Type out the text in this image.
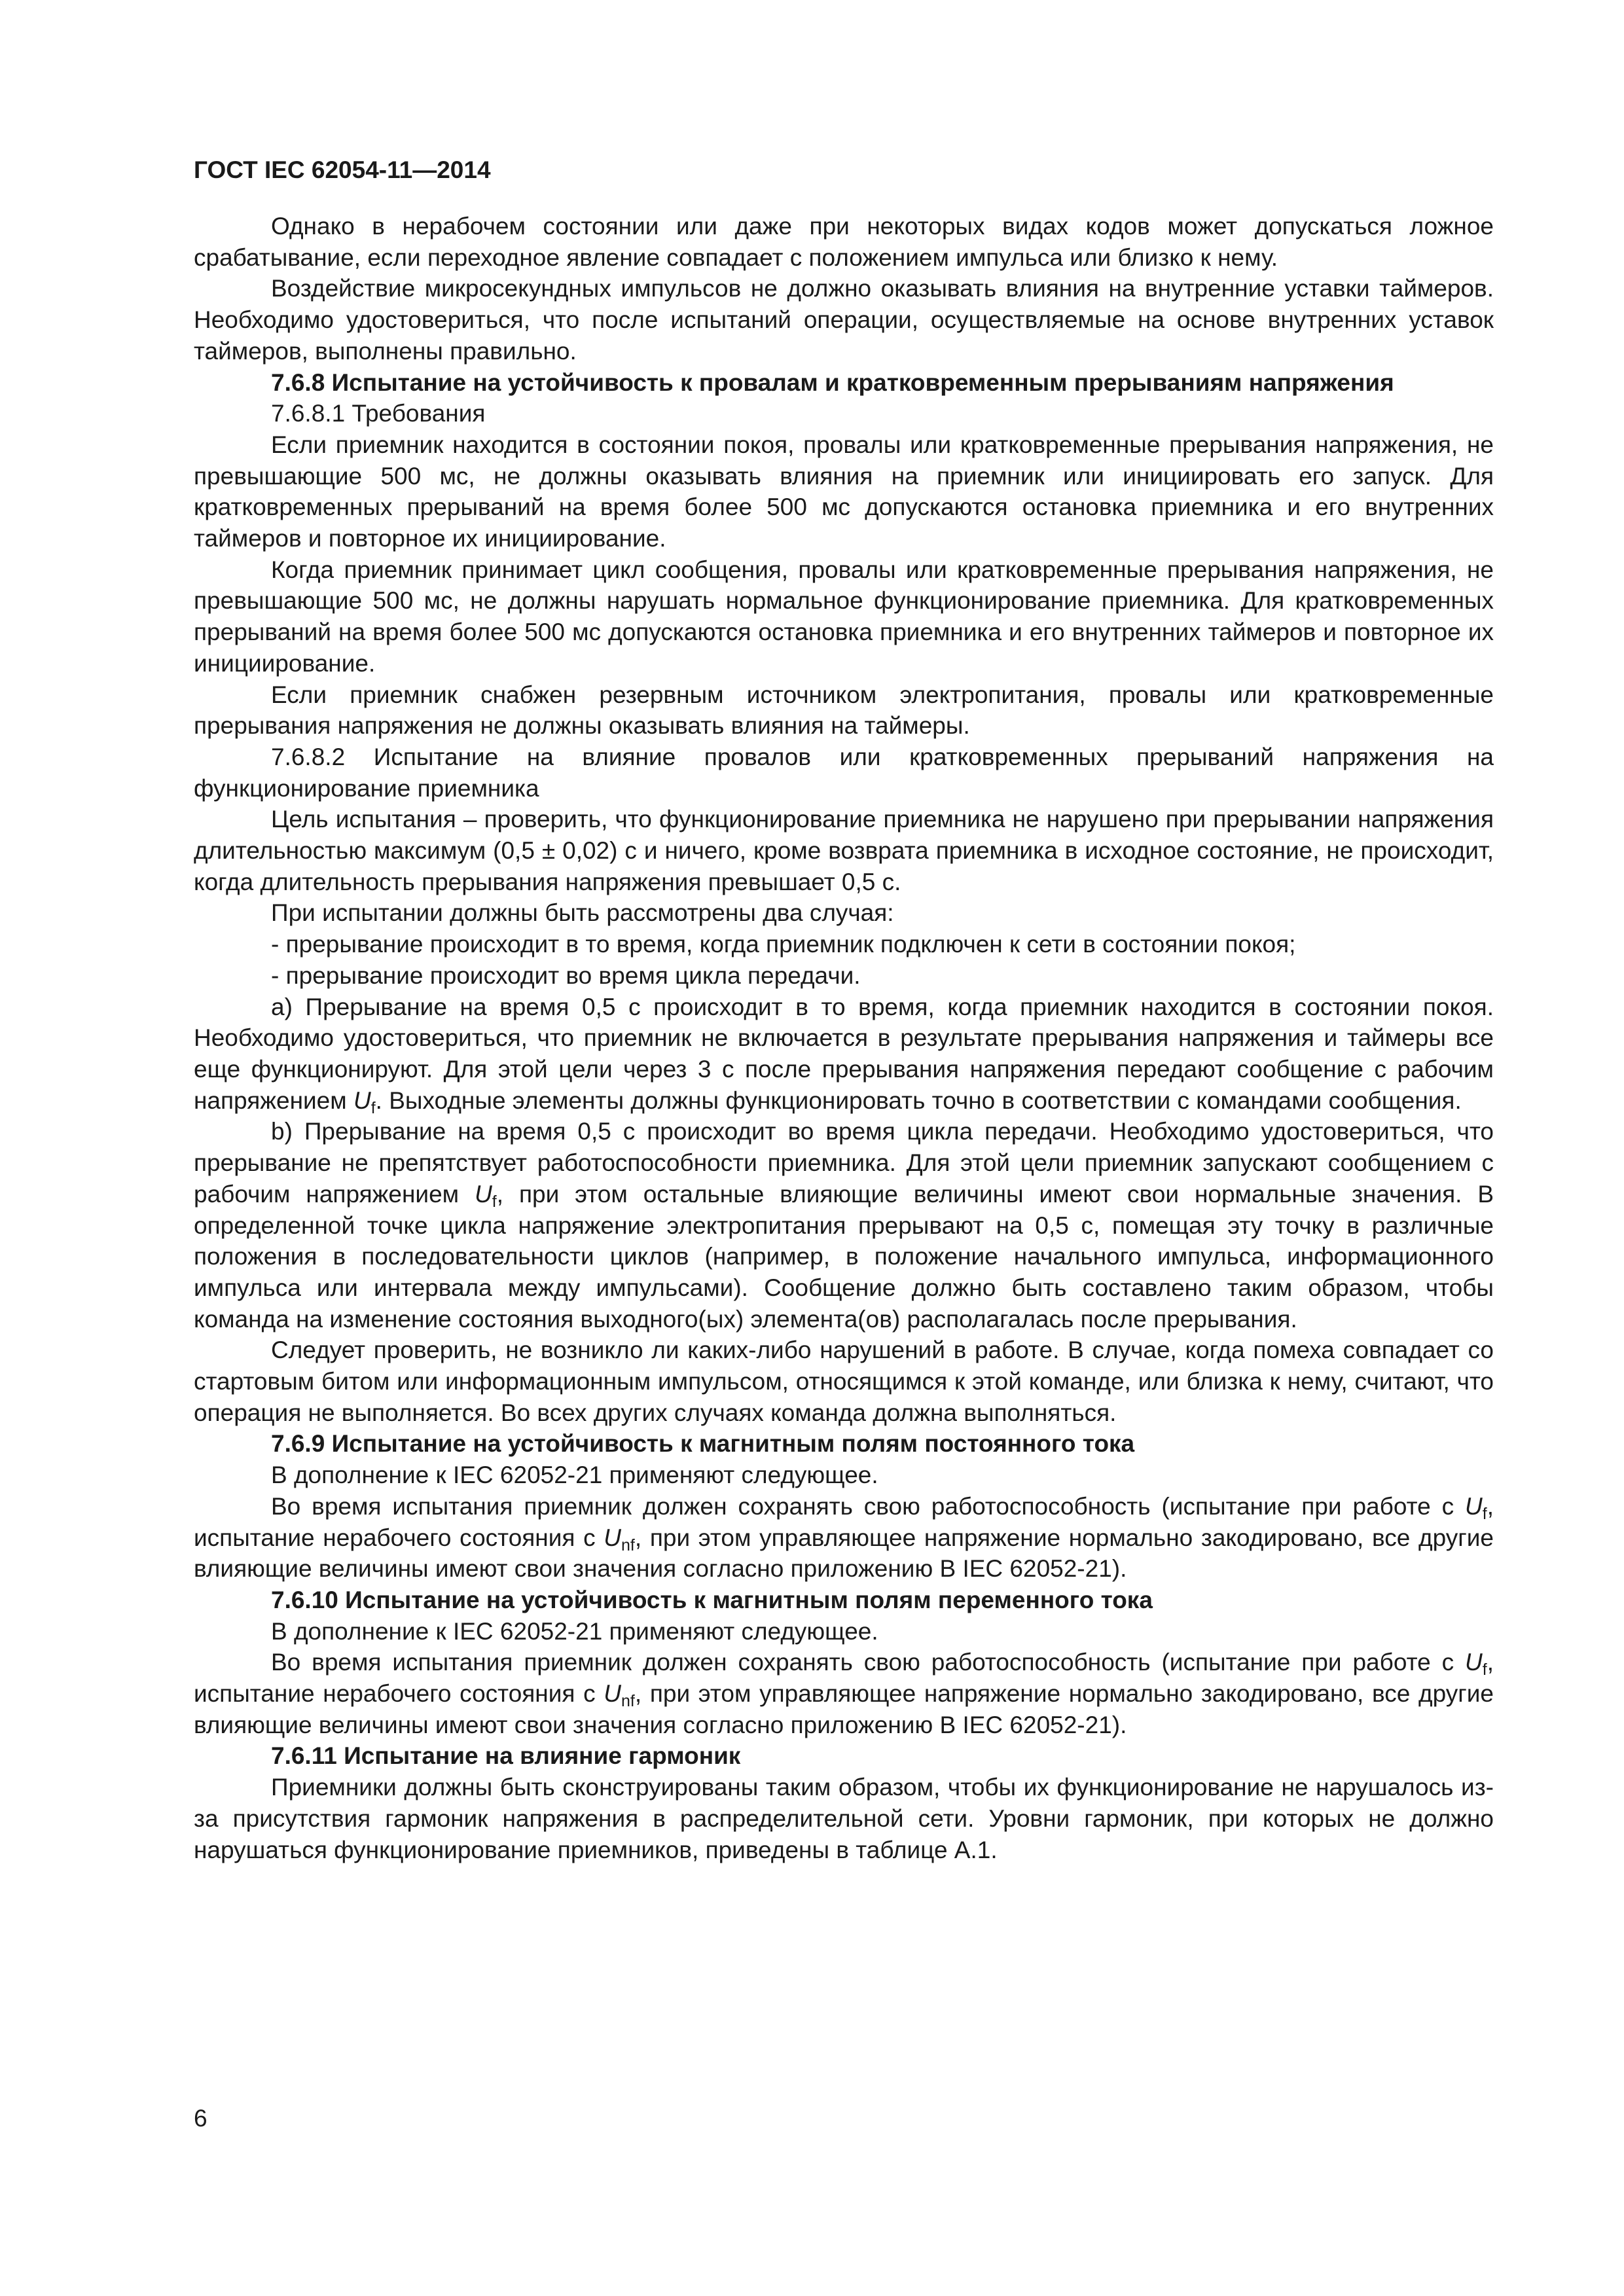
ГОСТ IEC 62054-11—2014

Однако в нерабочем состоянии или даже при некоторых видах кодов может допускаться ложное срабатывание, если переходное явление совпадает с положением импульса или близко к нему.

Воздействие микросекундных импульсов не должно оказывать влияния на внутренние уставки таймеров. Необходимо удостовериться, что после испытаний операции, осуществляемые на основе внутренних уставок таймеров, выполнены правильно.

7.6.8 Испытание на устойчивость к провалам и кратковременным прерываниям напряжения

7.6.8.1 Требования

Если приемник находится в состоянии покоя, провалы или кратковременные прерывания напряжения, не превышающие 500 мс, не должны оказывать влияния на приемник или инициировать его запуск. Для кратковременных прерываний на время более 500 мс допускаются остановка приемника и его внутренних таймеров и повторное их инициирование.

Когда приемник принимает цикл сообщения, провалы или кратковременные прерывания напряжения, не превышающие 500 мс, не должны нарушать нормальное функционирование приемника. Для кратковременных прерываний на время более 500 мс допускаются остановка приемника и его внутренних таймеров и повторное их инициирование.

Если приемник снабжен резервным источником электропитания, провалы или кратковременные прерывания напряжения не должны оказывать влияния на таймеры.

7.6.8.2 Испытание на влияние провалов или кратковременных прерываний напряжения на функционирование приемника

Цель испытания – проверить, что функционирование приемника не нарушено при прерывании напряжения длительностью максимум (0,5 ± 0,02) с и ничего, кроме возврата приемника в исходное состояние, не происходит, когда длительность прерывания напряжения превышает 0,5 с.

При испытании должны быть рассмотрены два случая:

- прерывание происходит в то время, когда приемник подключен к сети в состоянии покоя;

- прерывание происходит во время цикла передачи.

а) Прерывание на время 0,5 с происходит в то время, когда приемник находится в состоянии покоя. Необходимо удостовериться, что приемник не включается в результате прерывания напряжения и таймеры все еще функционируют. Для этой цели через 3 с после прерывания напряжения передают сообщение с рабочим напряжением $U_f$. Выходные элементы должны функционировать точно в соответствии с командами сообщения.

b) Прерывание на время 0,5 с происходит во время цикла передачи. Необходимо удостовериться, что прерывание не препятствует работоспособности приемника. Для этой цели приемник запускают сообщением с рабочим напряжением $U_f$, при этом остальные влияющие величины имеют свои нормальные значения. В определенной точке цикла напряжение электропитания прерывают на 0,5 с, помещая эту точку в различные положения в последовательности циклов (например, в положение начального импульса, информационного импульса или интервала между импульсами). Сообщение должно быть составлено таким образом, чтобы команда на изменение состояния выходного(ых) элемента(ов) располагалась после прерывания.

Следует проверить, не возникло ли каких-либо нарушений в работе. В случае, когда помеха совпадает со стартовым битом или информационным импульсом, относящимся к этой команде, или близка к нему, считают, что операция не выполняется. Во всех других случаях команда должна выполняться.

7.6.9 Испытание на устойчивость к магнитным полям постоянного тока

В дополнение к IEC 62052-21 применяют следующее.

Во время испытания приемник должен сохранять свою работоспособность (испытание при работе с $U_f$, испытание нерабочего состояния с $U_{nf}$, при этом управляющее напряжение нормально закодировано, все другие влияющие величины имеют свои значения согласно приложению В IEC 62052-21).

7.6.10 Испытание на устойчивость к магнитным полям переменного тока

В дополнение к IEC 62052-21 применяют следующее.

Во время испытания приемник должен сохранять свою работоспособность (испытание при работе с $U_f$, испытание нерабочего состояния с $U_{nf}$, при этом управляющее напряжение нормально закодировано, все другие влияющие величины имеют свои значения согласно приложению В IEC 62052-21).

7.6.11 Испытание на влияние гармоник

Приемники должны быть сконструированы таким образом, чтобы их функционирование не нарушалось из-за присутствия гармоник напряжения в распределительной сети. Уровни гармоник, при которых не должно нарушаться функционирование приемников, приведены в таблице А.1.

6
